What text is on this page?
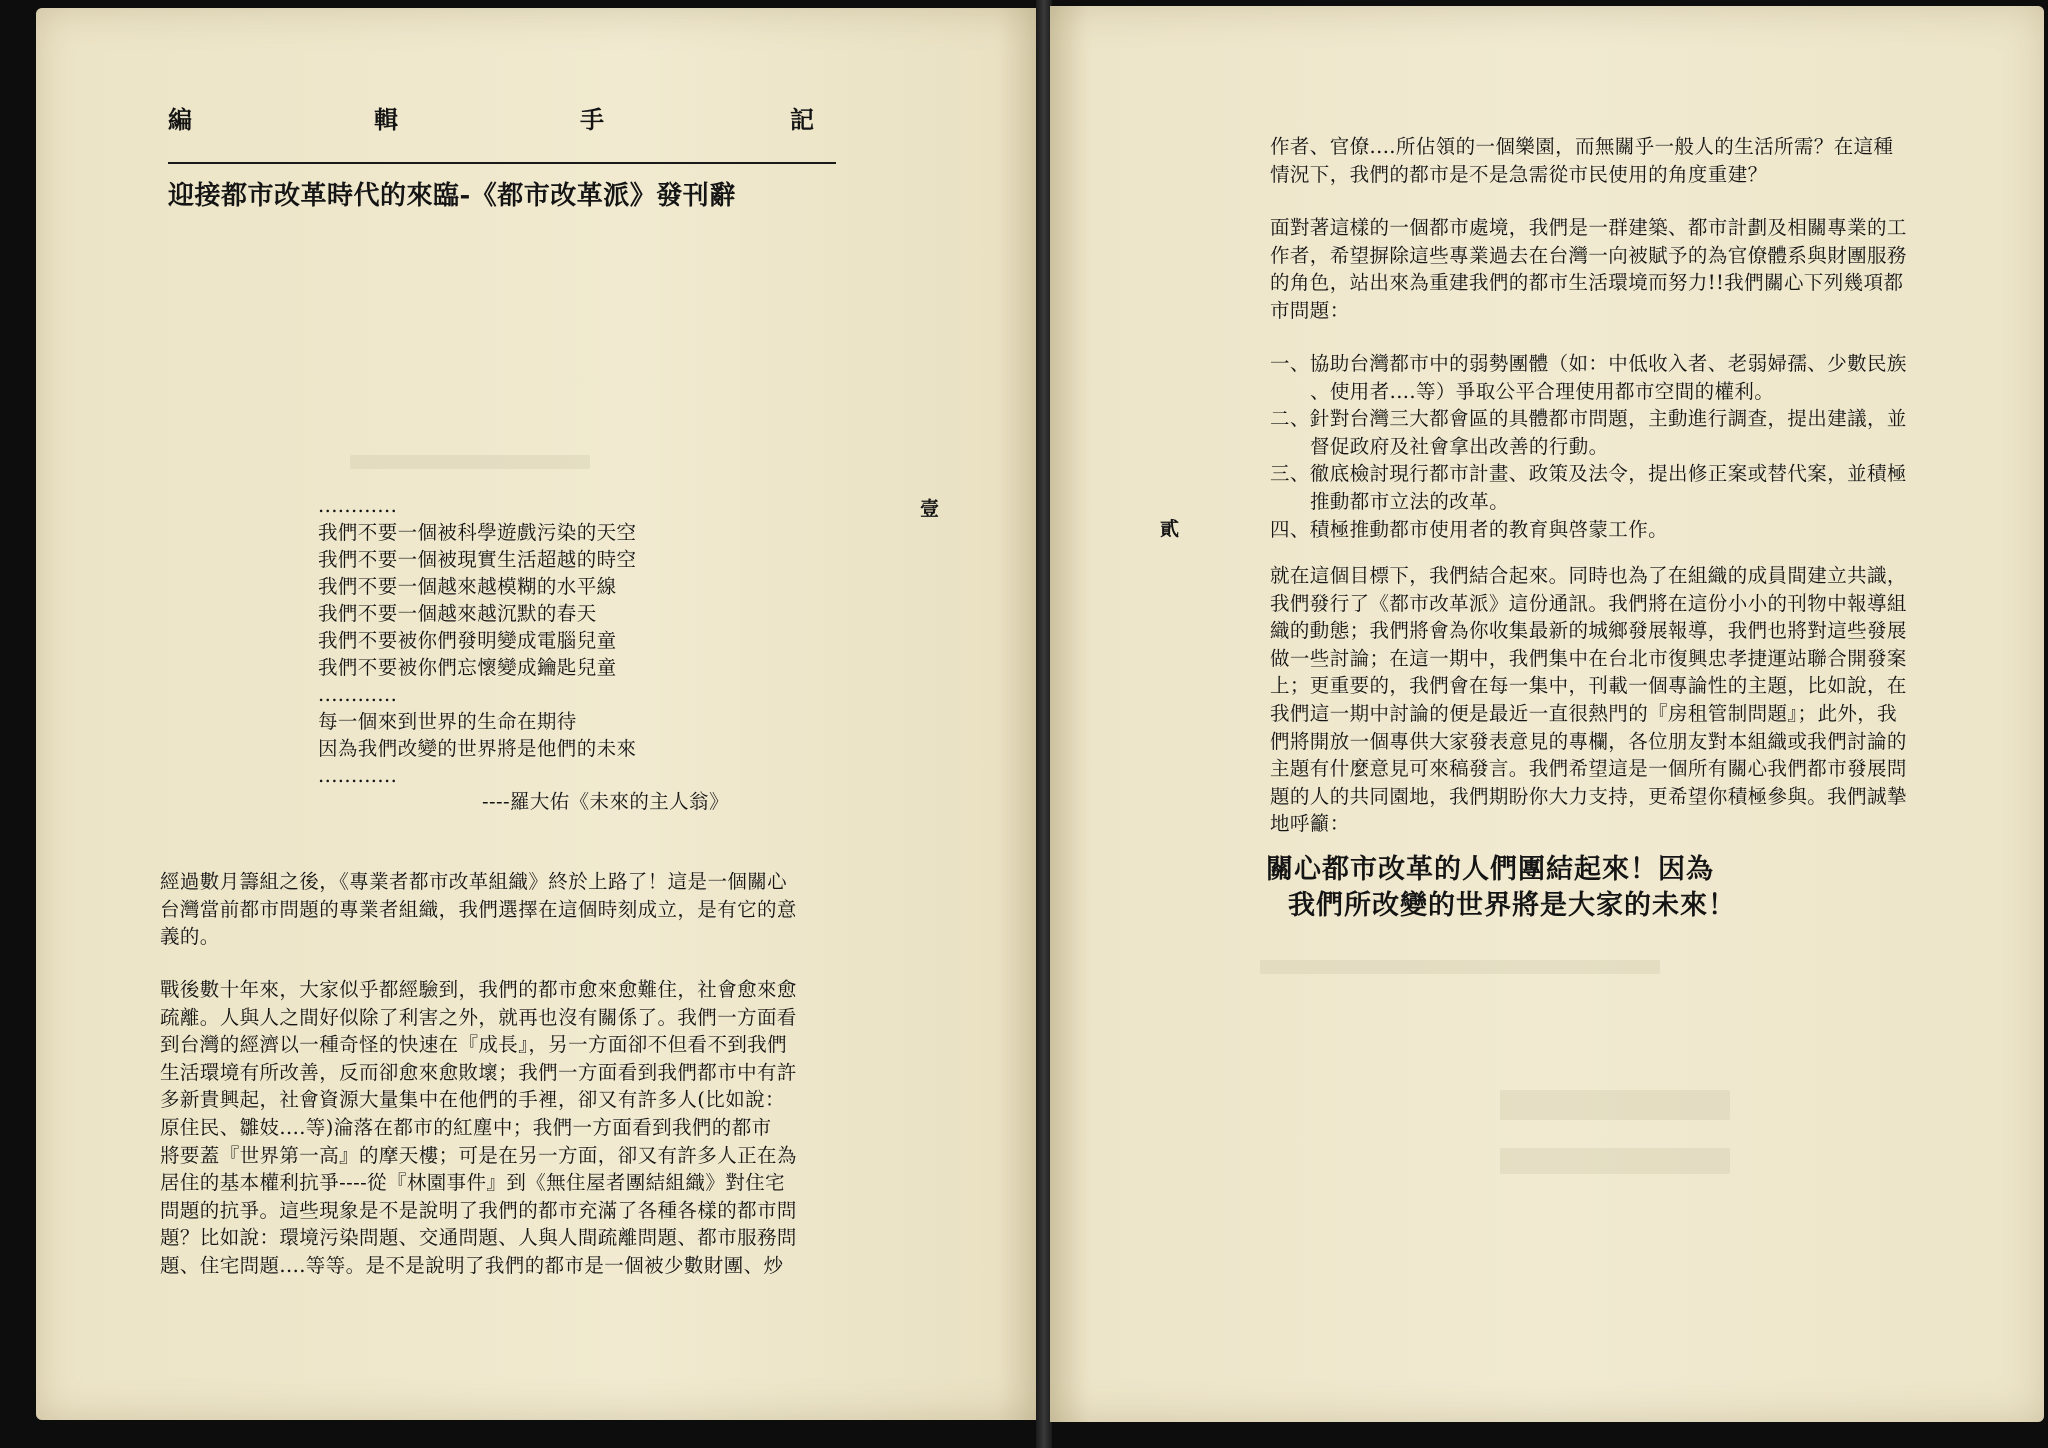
編	輯	手	記
迎接都市改革時代的來臨-《都市改革派》發刊辭
............
我們不要一個被科學遊戲污染的天空
我們不要一個被現實生活超越的時空
我們不要一個越來越模糊的水平線
我們不要一個越來越沉默的春天
我們不要被你們發明變成電腦兒童
我們不要被你們忘懷變成鑰匙兒童
............
每一個來到世界的生命在期待
因為我們改變的世界將是他們的未來
............
----羅大佑《未來的主人翁》
經過數月籌組之後，《專業者都市改革組織》終於上路了！這是一個關心
台灣當前都市問題的專業者組織，我們選擇在這個時刻成立，是有它的意
義的。
戰後數十年來，大家似乎都經驗到，我們的都市愈來愈難住，社會愈來愈
疏離。人與人之間好似除了利害之外，就再也沒有關係了。我們一方面看
到台灣的經濟以一種奇怪的快速在『成長』，另一方面卻不但看不到我們
生活環境有所改善，反而卻愈來愈敗壞；我們一方面看到我們都市中有許
多新貴興起，社會資源大量集中在他們的手裡，卻又有許多人(比如說：
原住民、雛妓....等)淪落在都市的紅塵中；我們一方面看到我們的都市
將要蓋『世界第一高』的摩天樓；可是在另一方面，卻又有許多人正在為
居住的基本權利抗爭----從『林園事件』到《無住屋者團結組織》對住宅
問題的抗爭。這些現象是不是說明了我們的都市充滿了各種各樣的都市問
題？比如說：環境污染問題、交通問題、人與人間疏離問題、都市服務問
題、住宅問題....等等。是不是說明了我們的都市是一個被少數財團、炒
壹
貳
作者、官僚....所佔領的一個樂園，而無關乎一般人的生活所需？在這種
情況下，我們的都市是不是急需從市民使用的角度重建？
面對著這樣的一個都市處境，我們是一群建築、都市計劃及相關專業的工
作者，希望摒除這些專業過去在台灣一向被賦予的為官僚體系與財團服務
的角色，站出來為重建我們的都市生活環境而努力!!我們關心下列幾項都
市問題：
一、協助台灣都市中的弱勢團體（如：中低收入者、老弱婦孺、少數民族
、使用者....等）爭取公平合理使用都市空間的權利。
二、針對台灣三大都會區的具體都市問題，主動進行調查，提出建議，並
督促政府及社會拿出改善的行動。
三、徹底檢討現行都市計畫、政策及法令，提出修正案或替代案，並積極
推動都市立法的改革。
四、積極推動都市使用者的教育與啓蒙工作。
就在這個目標下，我們結合起來。同時也為了在組織的成員間建立共識，
我們發行了《都市改革派》這份通訊。我們將在這份小小的刊物中報導組
織的動態；我們將會為你收集最新的城鄉發展報導，我們也將對這些發展
做一些討論；在這一期中，我們集中在台北市復興忠孝捷運站聯合開發案
上；更重要的，我們會在每一集中，刊載一個專論性的主題，比如說，在
我們這一期中討論的便是最近一直很熱門的『房租管制問題』；此外，我
們將開放一個專供大家發表意見的專欄，各位朋友對本組織或我們討論的
主題有什麼意見可來稿發言。我們希望這是一個所有關心我們都市發展問
題的人的共同園地，我們期盼你大力支持，更希望你積極參與。我們誠摯
地呼籲：
關心都市改革的人們團結起來！因為
我們所改變的世界將是大家的未來！
